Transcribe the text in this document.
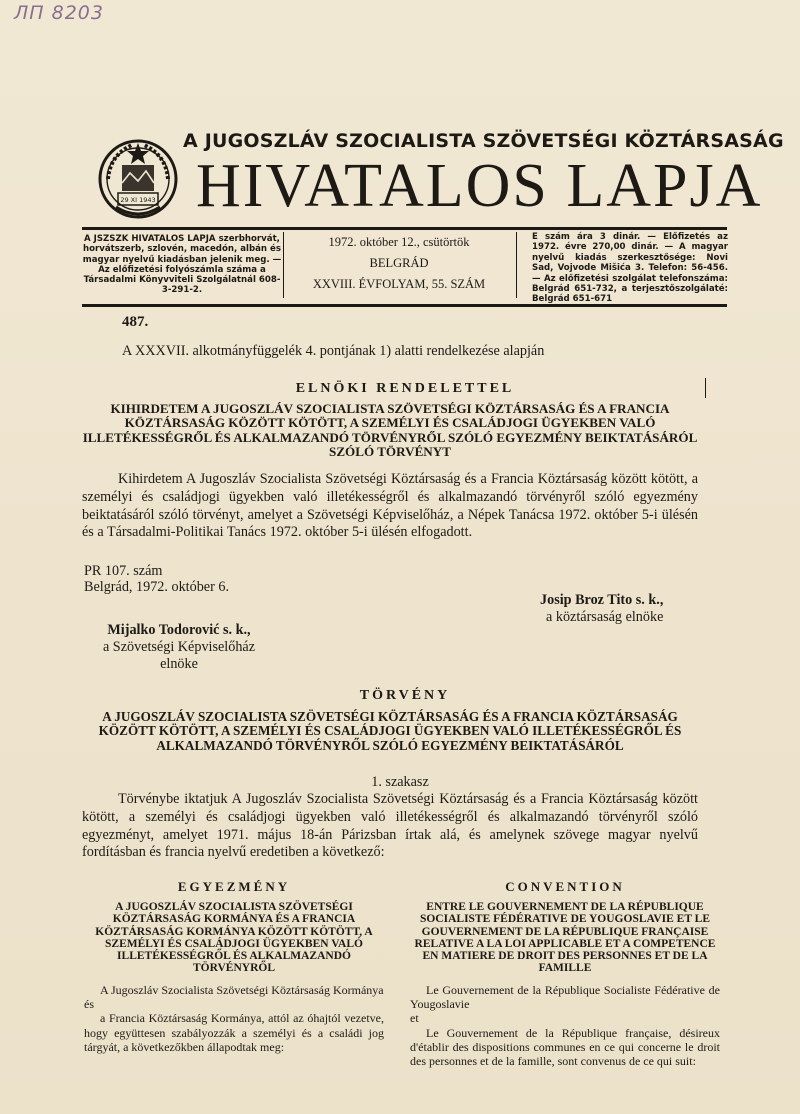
ЛП 8203
29 XI 1943
A JUGOSZLÁV SZOCIALISTA SZÖVETSÉGI KÖZTÁRSASÁG
HIVATALOS LAPJA
A JSZSZK HIVATALOS LAPJA szerbhorvát, horvátszerb, szlovén, macedón, albán és magyar nyelvű kiadásban jelenik meg. — Az előfizetési folyószámla száma a Társadalmi Könyvviteli Szolgálatnál 608-3-291-2.
1972. október 12., csütörtök
BELGRÁD
XXVIII. ÉVFOLYAM, 55. SZÁM
E szám ára 3 dinár. — Előfizetés az 1972. évre 270,00 dinár. — A magyar nyelvű kiadás szerkesztősége: Novi Sad, Vojvode Mišića 3. Telefon: 56-456. — Az előfizetési szolgálat telefonszáma: Belgrád 651-732, a terjesztőszolgálaté: Belgrád 651-671
487.
A XXXVII. alkotmányfüggelék 4. pontjának 1) alatti rendelkezése alapján
ELNÖKI RENDELETTEL
KIHIRDETEM A JUGOSZLÁV SZOCIALISTA SZÖVETSÉGI KÖZTÁRSASÁG ÉS A FRANCIA KÖZTÁRSASÁG KÖZÖTT KÖTÖTT, A SZEMÉLYI ÉS CSALÁDJOGI ÜGYEKBEN VALÓ ILLETÉKESSÉGRŐL ÉS ALKALMAZANDÓ TÖRVÉNYRŐL SZÓLÓ EGYEZMÉNY BEIKTATÁSÁRÓL SZÓLÓ TÖRVÉNYT
Kihirdetem A Jugoszláv Szocialista Szövetségi Köztársaság és a Francia Köztársaság között kötött, a személyi és családjogi ügyekben való illetékességről és alkalmazandó törvényről szóló egyezmény beiktatásáról szóló törvényt, amelyet a Szövetségi Képviselőház, a Népek Tanácsa 1972. október 5-i ülésén és a Társadalmi-Politikai Tanács 1972. október 5-i ülésén elfogadott.
PR 107. szám
Belgrád, 1972. október 6.
Josip Broz Tito s. k.,
a köztársaság elnöke
Mijalko Todorović s. k.,
a Szövetségi Képviselőház
elnöke
TÖRVÉNY
A JUGOSZLÁV SZOCIALISTA SZÖVETSÉGI KÖZTÁRSASÁG ÉS A FRANCIA KÖZTÁRSASÁG KÖZÖTT KÖTÖTT, A SZEMÉLYI ÉS CSALÁDJOGI ÜGYEKBEN VALÓ ILLETÉKESSÉGRŐL ÉS ALKALMAZANDÓ TÖRVÉNYRŐL SZÓLÓ EGYEZMÉNY BEIKTATÁSÁRÓL
1. szakasz
Törvénybe iktatjuk A Jugoszláv Szocialista Szövetségi Köztársaság és a Francia Köztársaság között kötött, a személyi és családjogi ügyekben való illetékességről és alkalmazandó törvényről szóló egyezményt, amelyet 1971. május 18-án Párizsban írtak alá, és amelynek szövege magyar nyelvű fordításban és francia nyelvű eredetiben a következő:
EGYEZMÉNY
A JUGOSZLÁV SZOCIALISTA SZÖVETSÉGI KÖZTÁRSASÁG KORMÁNYA ÉS A FRANCIA KÖZTÁRSASÁG KORMÁNYA KÖZÖTT KÖTÖTT, A SZEMÉLYI ÉS CSALÁDJOGI ÜGYEKBEN VALÓ ILLETÉKESSÉGRŐL ÉS ALKALMAZANDÓ TÖRVÉNYRŐL

A Jugoszláv Szocialista Szövetségi Köztársaság Kormánya

és

a Francia Köztársaság Kormánya, attól az óhajtól vezetve, hogy együttesen szabályozzák a személyi és a családi jog tárgyát, a következőkben állapodtak meg:

CONVENTION
ENTRE LE GOUVERNEMENT DE LA RÉPUBLIQUE SOCIALISTE FÉDÉRATIVE DE YOUGOSLAVIE ET LE GOUVERNEMENT DE LA RÉPUBLIQUE FRANÇAISE RELATIVE A LA LOI APPLICABLE ET A COMPETENCE EN MATIERE DE DROIT DES PERSONNES ET DE LA FAMILLE

Le Gouvernement de la République Socialiste Fédérative de Yougoslavie

et

Le Gouvernement de la République française, désireux d'établir des dispositions communes en ce qui concerne le droit des personnes et de la famille, sont convenus de ce qui suit:
